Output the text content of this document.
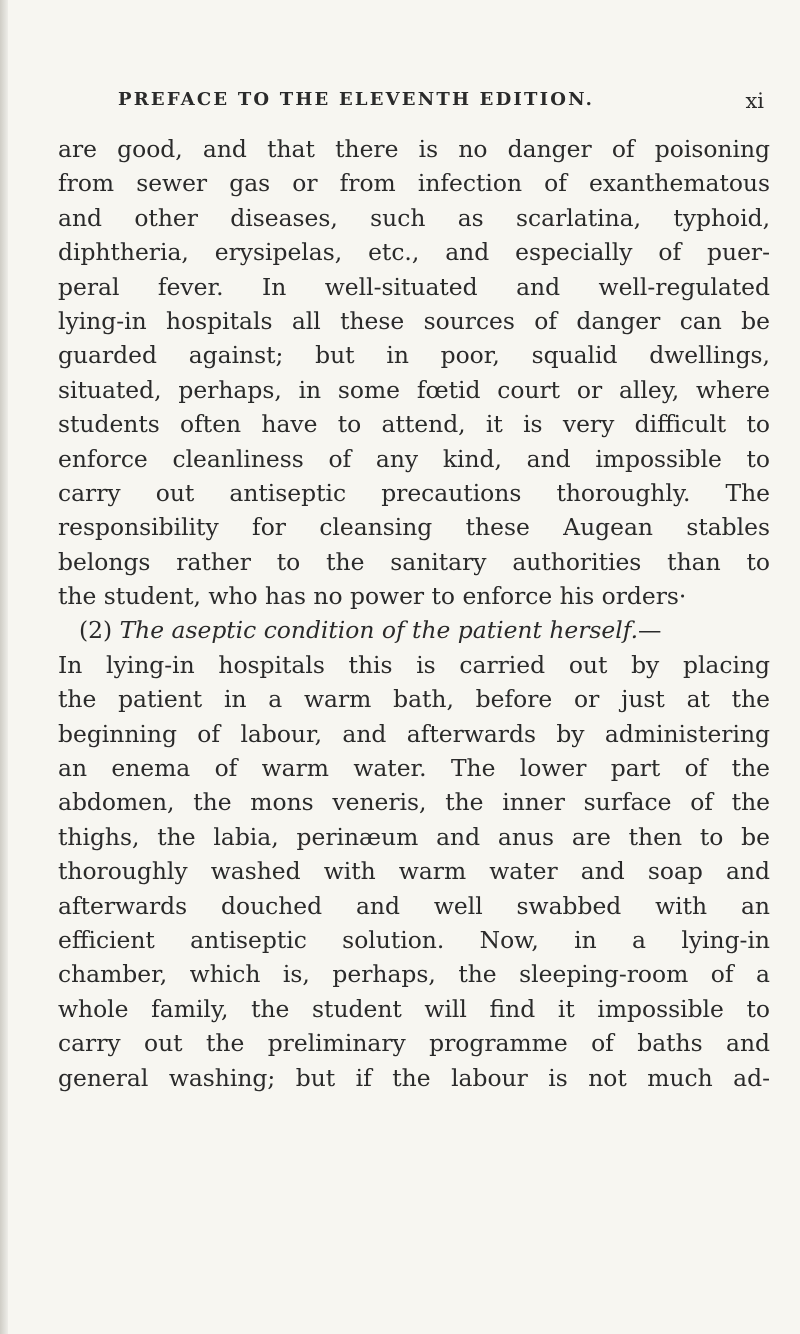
PREFACE TO THE ELEVENTH EDITION.	xi
are good, and that there is no danger of poisoning
from sewer gas or from infection of exanthematous
and other diseases, such as scarlatina, typhoid,
diphtheria, erysipelas, etc., and especially of puer-
peral fever. In well-situated and well-regulated
lying-in hospitals all these sources of danger can be
guarded against; but in poor, squalid dwellings,
situated, perhaps, in some fœtid court or alley, where
students often have to attend, it is very difficult to
enforce cleanliness of any kind, and impossible to
carry out antiseptic precautions thoroughly. The
responsibility for cleansing these Augean stables
belongs rather to the sanitary authorities than to
the student, who has no power to enforce his orders·
(2) The aseptic condition of the patient herself.—
In lying-in hospitals this is carried out by placing
the patient in a warm bath, before or just at the
beginning of labour, and afterwards by administering
an enema of warm water. The lower part of the
abdomen, the mons veneris, the inner surface of the
thighs, the labia, perinæum and anus are then to be
thoroughly washed with warm water and soap and
afterwards douched and well swabbed with an
efficient antiseptic solution. Now, in a lying-in
chamber, which is, perhaps, the sleeping-room of a
whole family, the student will find it impossible to
carry out the preliminary programme of baths and
general washing; but if the labour is not much ad-
